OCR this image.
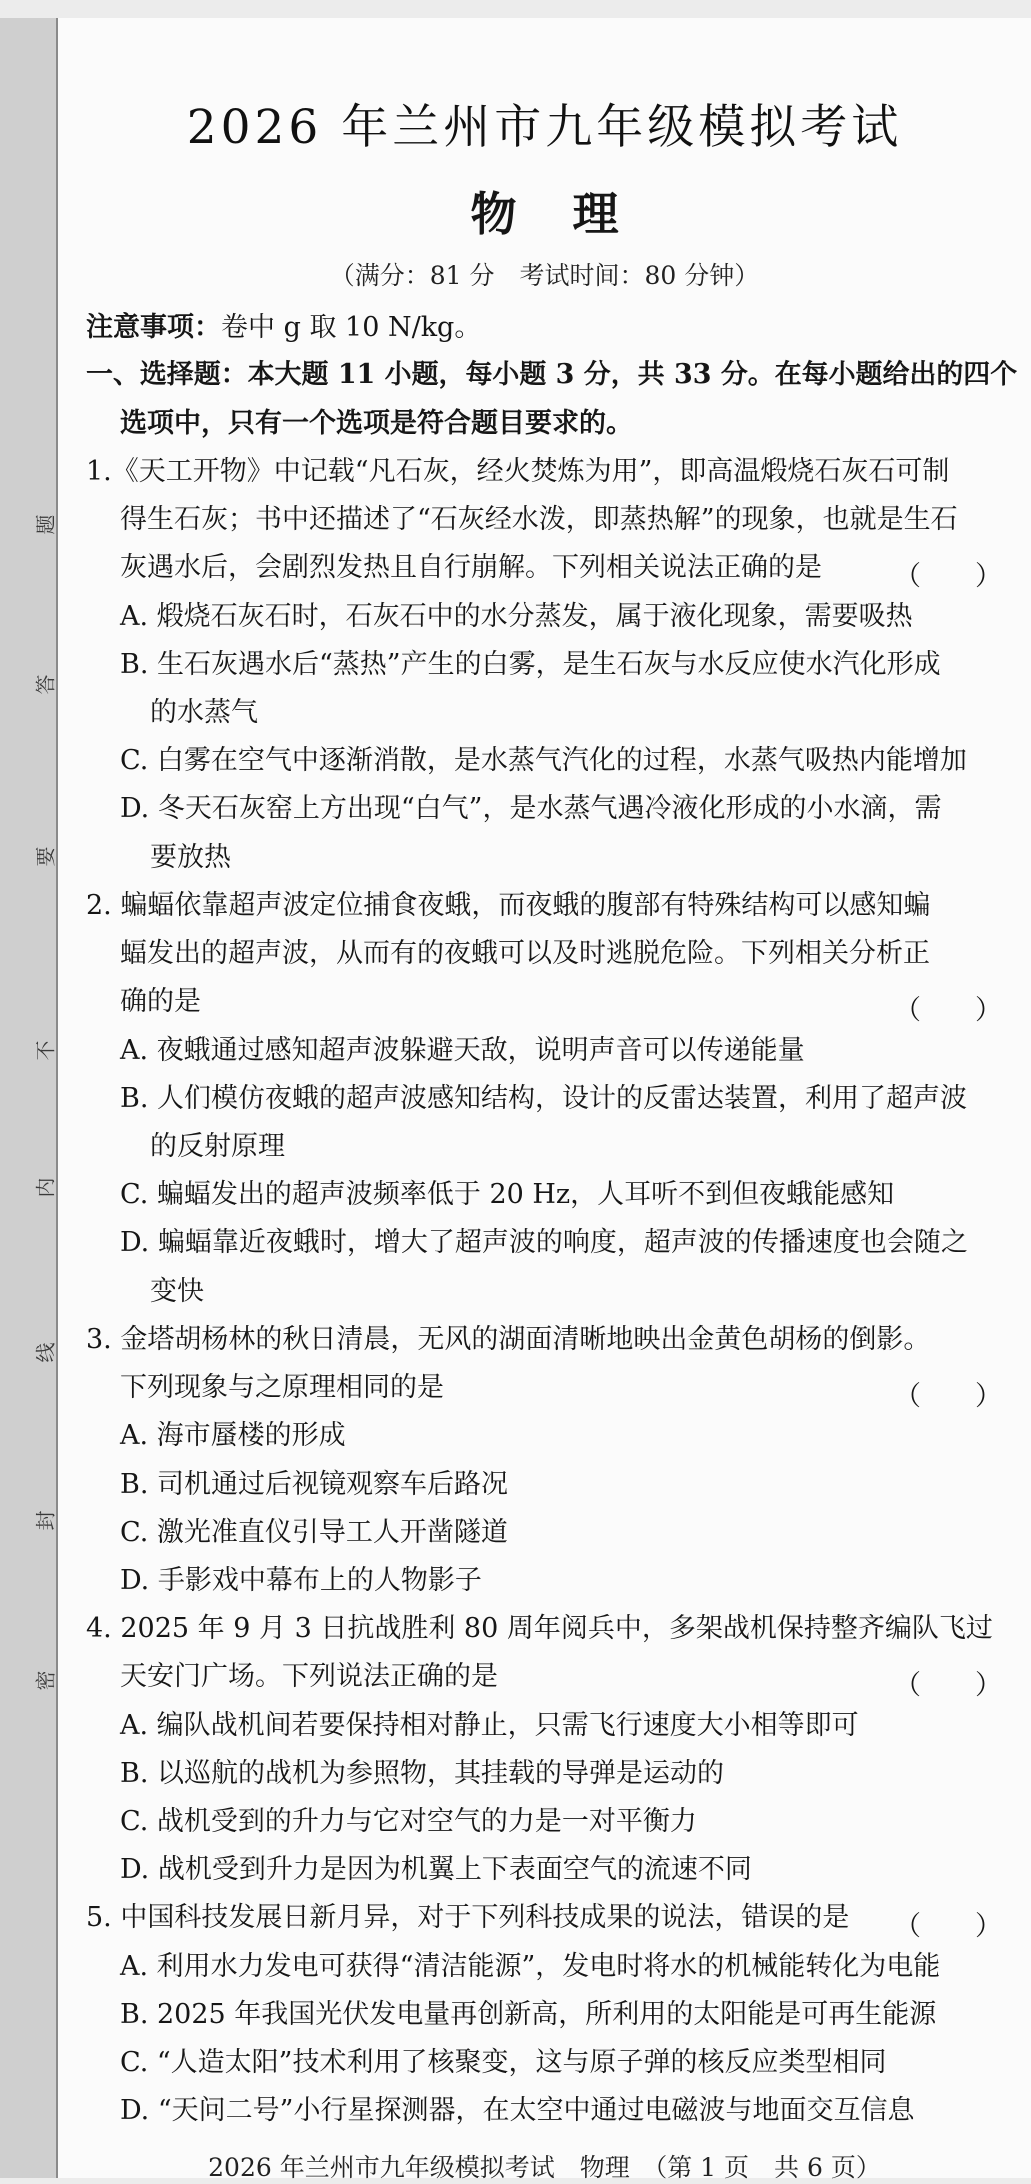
题
答
要
不
内
线
封
密
2026 年兰州市九年级模拟考试
物理
（满分：81 分　考试时间：80 分钟）
注意事项：卷中 g 取 10 N/kg。
一、选择题：本大题 11 小题，每小题 3 分，共 33 分。在每小题给出的四个
选项中，只有一个选项是符合题目要求的。
1.《天工开物》中记载“凡石灰，经火焚炼为用”，即高温煅烧石灰石可制
得生石灰；书中还描述了“石灰经水泼，即蒸热解”的现象，也就是生石
灰遇水后，会剧烈发热且自行崩解。下列相关说法正确的是	（　　）
A. 煅烧石灰石时，石灰石中的水分蒸发，属于液化现象，需要吸热
B. 生石灰遇水后“蒸热”产生的白雾，是生石灰与水反应使水汽化形成
的水蒸气
C. 白雾在空气中逐渐消散，是水蒸气汽化的过程，水蒸气吸热内能增加
D. 冬天石灰窑上方出现“白气”，是水蒸气遇冷液化形成的小水滴，需
要放热
2. 蝙蝠依靠超声波定位捕食夜蛾，而夜蛾的腹部有特殊结构可以感知蝙
蝠发出的超声波，从而有的夜蛾可以及时逃脱危险。下列相关分析正
确的是	（　　）
A. 夜蛾通过感知超声波躲避天敌，说明声音可以传递能量
B. 人们模仿夜蛾的超声波感知结构，设计的反雷达装置，利用了超声波
的反射原理
C. 蝙蝠发出的超声波频率低于 20 Hz，人耳听不到但夜蛾能感知
D. 蝙蝠靠近夜蛾时，增大了超声波的响度，超声波的传播速度也会随之
变快
3. 金塔胡杨林的秋日清晨，无风的湖面清晰地映出金黄色胡杨的倒影。
下列现象与之原理相同的是	（　　）
A. 海市蜃楼的形成
B. 司机通过后视镜观察车后路况
C. 激光准直仪引导工人开凿隧道
D. 手影戏中幕布上的人物影子
4. 2025 年 9 月 3 日抗战胜利 80 周年阅兵中，多架战机保持整齐编队飞过
天安门广场。下列说法正确的是	（　　）
A. 编队战机间若要保持相对静止，只需飞行速度大小相等即可
B. 以巡航的战机为参照物，其挂载的导弹是运动的
C. 战机受到的升力与它对空气的力是一对平衡力
D. 战机受到升力是因为机翼上下表面空气的流速不同
5. 中国科技发展日新月异，对于下列科技成果的说法，错误的是 （　　）
A. 利用水力发电可获得“清洁能源”，发电时将水的机械能转化为电能
B. 2025 年我国光伏发电量再创新高，所利用的太阳能是可再生能源
C. “人造太阳”技术利用了核聚变，这与原子弹的核反应类型相同
D. “天问二号”小行星探测器，在太空中通过电磁波与地面交互信息
2026 年兰州市九年级模拟考试　物理　（第 1 页　共 6 页）
